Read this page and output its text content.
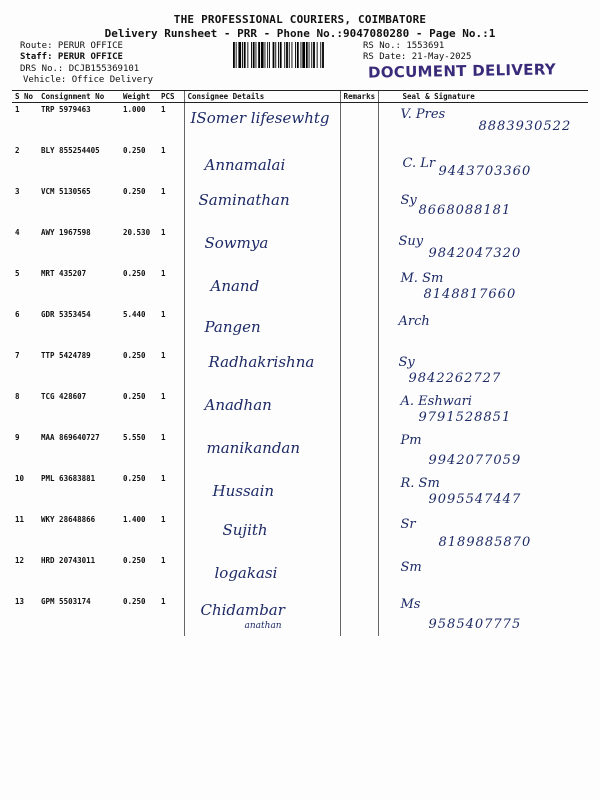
THE PROFESSIONAL COURIERS, COIMBATORE
Delivery Runsheet - PRR - Phone No.:9047080280 - Page No.:1
Route: PERUR OFFICE
Staff: PERUR OFFICE
DRS No.: DCJB155369101
Vehicle: Office Delivery
RS No.: 1553691
RS Date: 21-May-2025
DOCUMENT DELIVERY
S No	Consignment No	Weight	PCS	Consignee Details	Remarks	Seal & Signature
1	TRP 5979463	1.000	1	ISomer lifesewhtg		V. Pres
8883930522

2	BLY 855254405	0.250	1	Annamalai		C. Lr
9443703360

3	VCM 5130565	0.250	1	Saminathan		Sy
8668088181

4	AWY 1967598	20.530	1	Sowmya		Suy
9842047320

5	MRT 435207	0.250	1	Anand		M. Sm
8148817660

6	GDR 5353454	5.440	1	Pangen		Arch

7	TTP 5424789	0.250	1	Radhakrishna		Sy
9842262727

8	TCG 428607	0.250	1	Anadhan		A. Eshwari
9791528851

9	MAA 869640727	5.550	1	manikandan		Pm
9942077059

10	PML 63683881	0.250	1	Hussain		R. Sm
9095547447

11	WKY 28648866	1.400	1	Sujith		Sr
8189885870

12	HRD 20743011	0.250	1	logakasi		Sm

13	GPM 5503174	0.250	1	Chidambar
anathan		Ms
9585407775
